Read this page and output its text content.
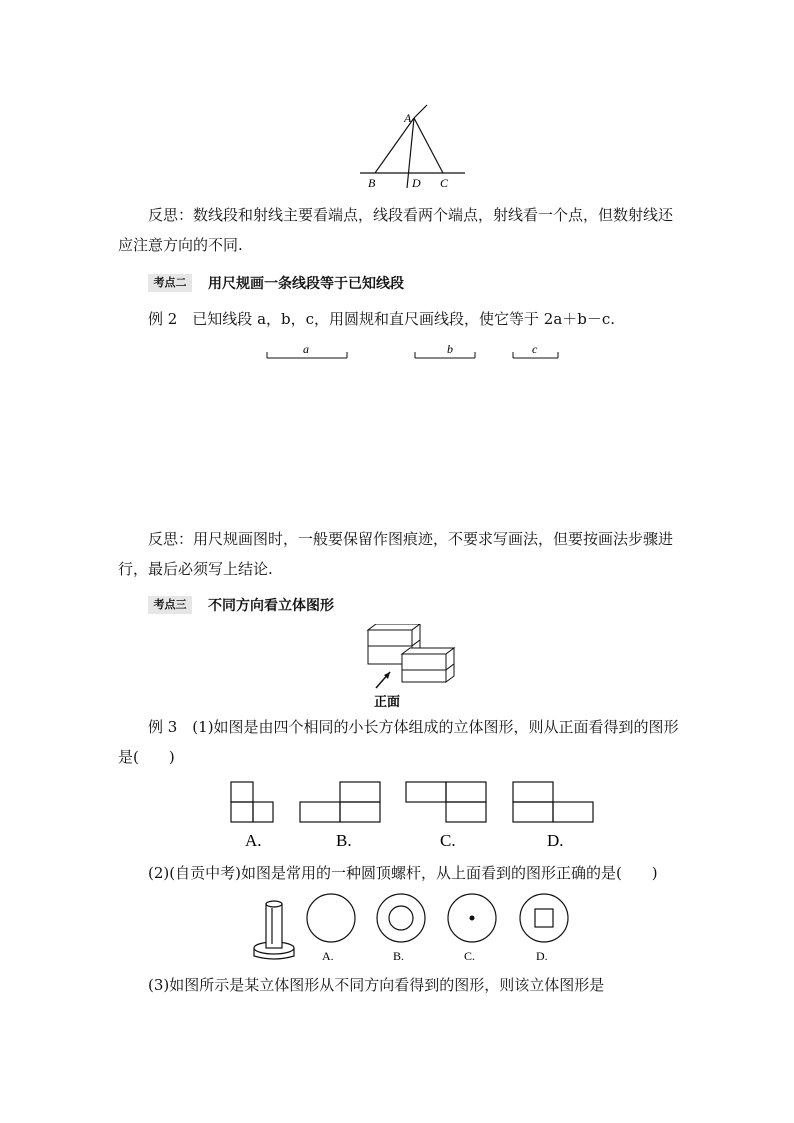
A
B	D C
反思：数线段和射线主要看端点，线段看两个端点，射线看一个点，但数射线还应注意方向的不同.
考点二	用尺规画一条线段等于已知线段
例 2　已知线段 a，b，c，用圆规和直尺画线段，使它等于 2a＋b－c.
a	b	c
反思：用尺规画图时，一般要保留作图痕迹，不要求写画法，但要按画法步骤进行，最后必须写上结论.
考点三	不同方向看立体图形
正面
例 3　(1)如图是由四个相同的小长方体组成的立体图形，则从正面看得到的图形是(　　)
A.	B.	C.	D.
(2)(自贡中考)如图是常用的一种圆顶螺杆，从上面看到的图形正确的是(　　)
A.	B.	C.	D.
(3)如图所示是某立体图形从不同方向看得到的图形，则该立体图形是
